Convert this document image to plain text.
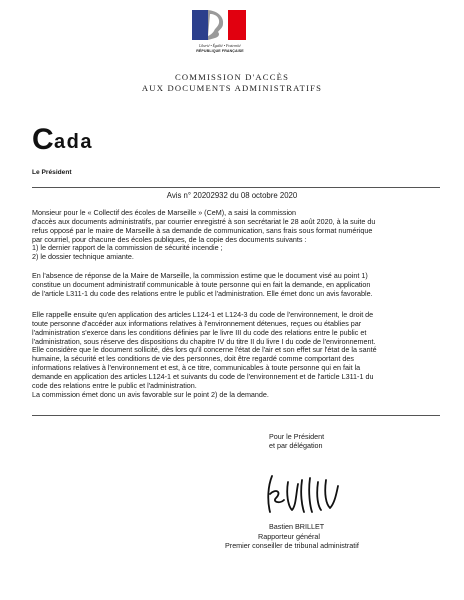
Liberté • Égalité • Fraternité
RÉPUBLIQUE FRANÇAISE
COMMISSION D'ACCÈS
AUX DOCUMENTS ADMINISTRATIFS
C ada
Le Président
Avis n° 20202932 du 08 octobre 2020
Monsieur pour le « Collectif des écoles de Marseille » (CeM), a saisi la commission
d'accès aux documents administratifs, par courrier enregistré à son secrétariat le 28 août 2020, à la suite du
refus opposé par le maire de Marseille à sa demande de communication, sans frais sous format numérique
par courriel, pour chacune des écoles publiques, de la copie des documents suivants :
1) le dernier rapport de la commission de sécurité incendie ;
2) le dossier technique amiante.
En l'absence de réponse de la Maire de Marseille, la commission estime que le document visé au point 1)
constitue un document administratif communicable à toute personne qui en fait la demande, en application
de l'article L311-1 du code des relations entre le public et l'administration. Elle émet donc un avis favorable.
Elle rappelle ensuite qu'en application des articles L124-1 et L124-3 du code de l'environnement, le droit de
toute personne d'accéder aux informations relatives à l'environnement détenues, reçues ou établies par
l'administration s'exerce dans les conditions définies par le livre III du code des relations entre le public et
l'administration, sous réserve des dispositions du chapitre IV du titre II du livre I du code de l'environnement.
Elle considère que le document sollicité, dès lors qu'il concerne l'état de l'air et son effet sur l'état de la santé
humaine, la sécurité et les conditions de vie des personnes, doit être regardé comme comportant des
informations relatives à l'environnement et est, à ce titre, communicables à toute personne qui en fait la
demande en application des articles L124-1 et suivants du code de l'environnement et de l'article L311-1 du
code des relations entre le public et l'administration.
La commission émet donc un avis favorable sur le point 2) de la demande.
Pour le Président
et par délégation
Bastien BRILLET
Rapporteur général
Premier conseiller de tribunal administratif
